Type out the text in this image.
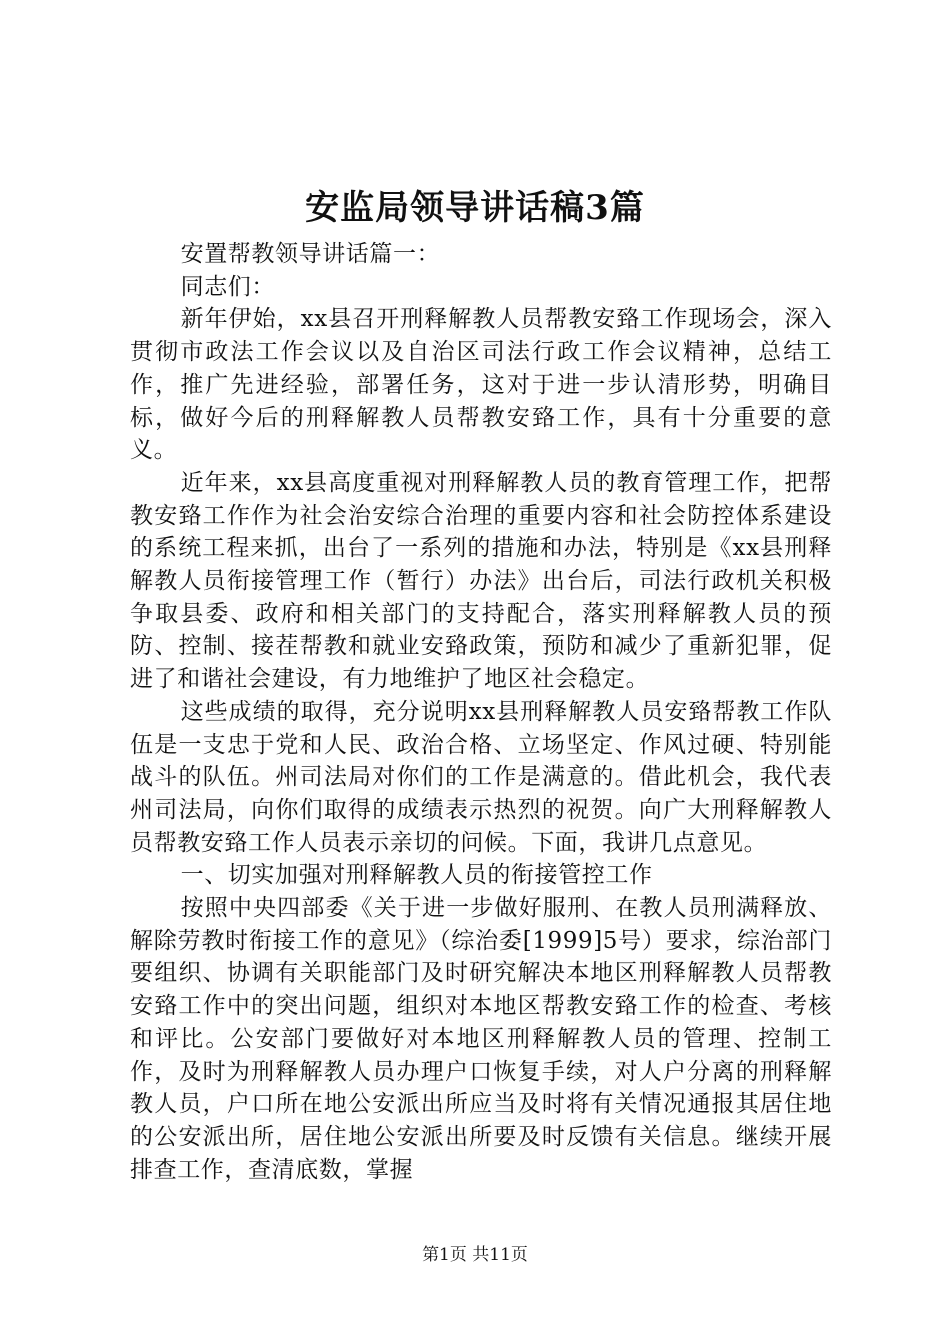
安监局领导讲话稿3篇

安置帮教领导讲话篇一：

同志们：

新年伊始，xx县召开刑释解教人员帮教安臵工作现场会，深入贯彻市政法工作会议以及自治区司法行政工作会议精神，总结工作，推广先进经验，部署任务，这对于进一步认清形势，明确目标，做好今后的刑释解教人员帮教安臵工作，具有十分重要的意义。

近年来，xx县高度重视对刑释解教人员的教育管理工作，把帮教安臵工作作为社会治安综合治理的重要内容和社会防控体系建设的系统工程来抓，出台了一系列的措施和办法，特别是《xx县刑释解教人员衔接管理工作（暂行）办法》出台后，司法行政机关积极争取县委、政府和相关部门的支持配合，落实刑释解教人员的预防、控制、接茬帮教和就业安臵政策，预防和减少了重新犯罪，促进了和谐社会建设，有力地维护了地区社会稳定。

这些成绩的取得，充分说明xx县刑释解教人员安臵帮教工作队伍是一支忠于党和人民、政治合格、立场坚定、作风过硬、特别能战斗的队伍。州司法局对你们的工作是满意的。借此机会，我代表州司法局，向你们取得的成绩表示热烈的祝贺。向广大刑释解教人员帮教安臵工作人员表示亲切的问候。下面，我讲几点意见。

一、切实加强对刑释解教人员的衔接管控工作

按照中央四部委《关于进一步做好服刑、在教人员刑满释放、解除劳教时衔接工作的意见》（综治委[1999]5号）要求，综治部门要组织、协调有关职能部门及时研究解决本地区刑释解教人员帮教安臵工作中的突出问题，组织对本地区帮教安臵工作的检查、考核和评比。公安部门要做好对本地区刑释解教人员的管理、控制工作，及时为刑释解教人员办理户口恢复手续，对人户分离的刑释解教人员，户口所在地公安派出所应当及时将有关情况通报其居住地的公安派出所，居住地公安派出所要及时反馈有关信息。继续开展排查工作，查清底数，掌握

第1页 共11页
